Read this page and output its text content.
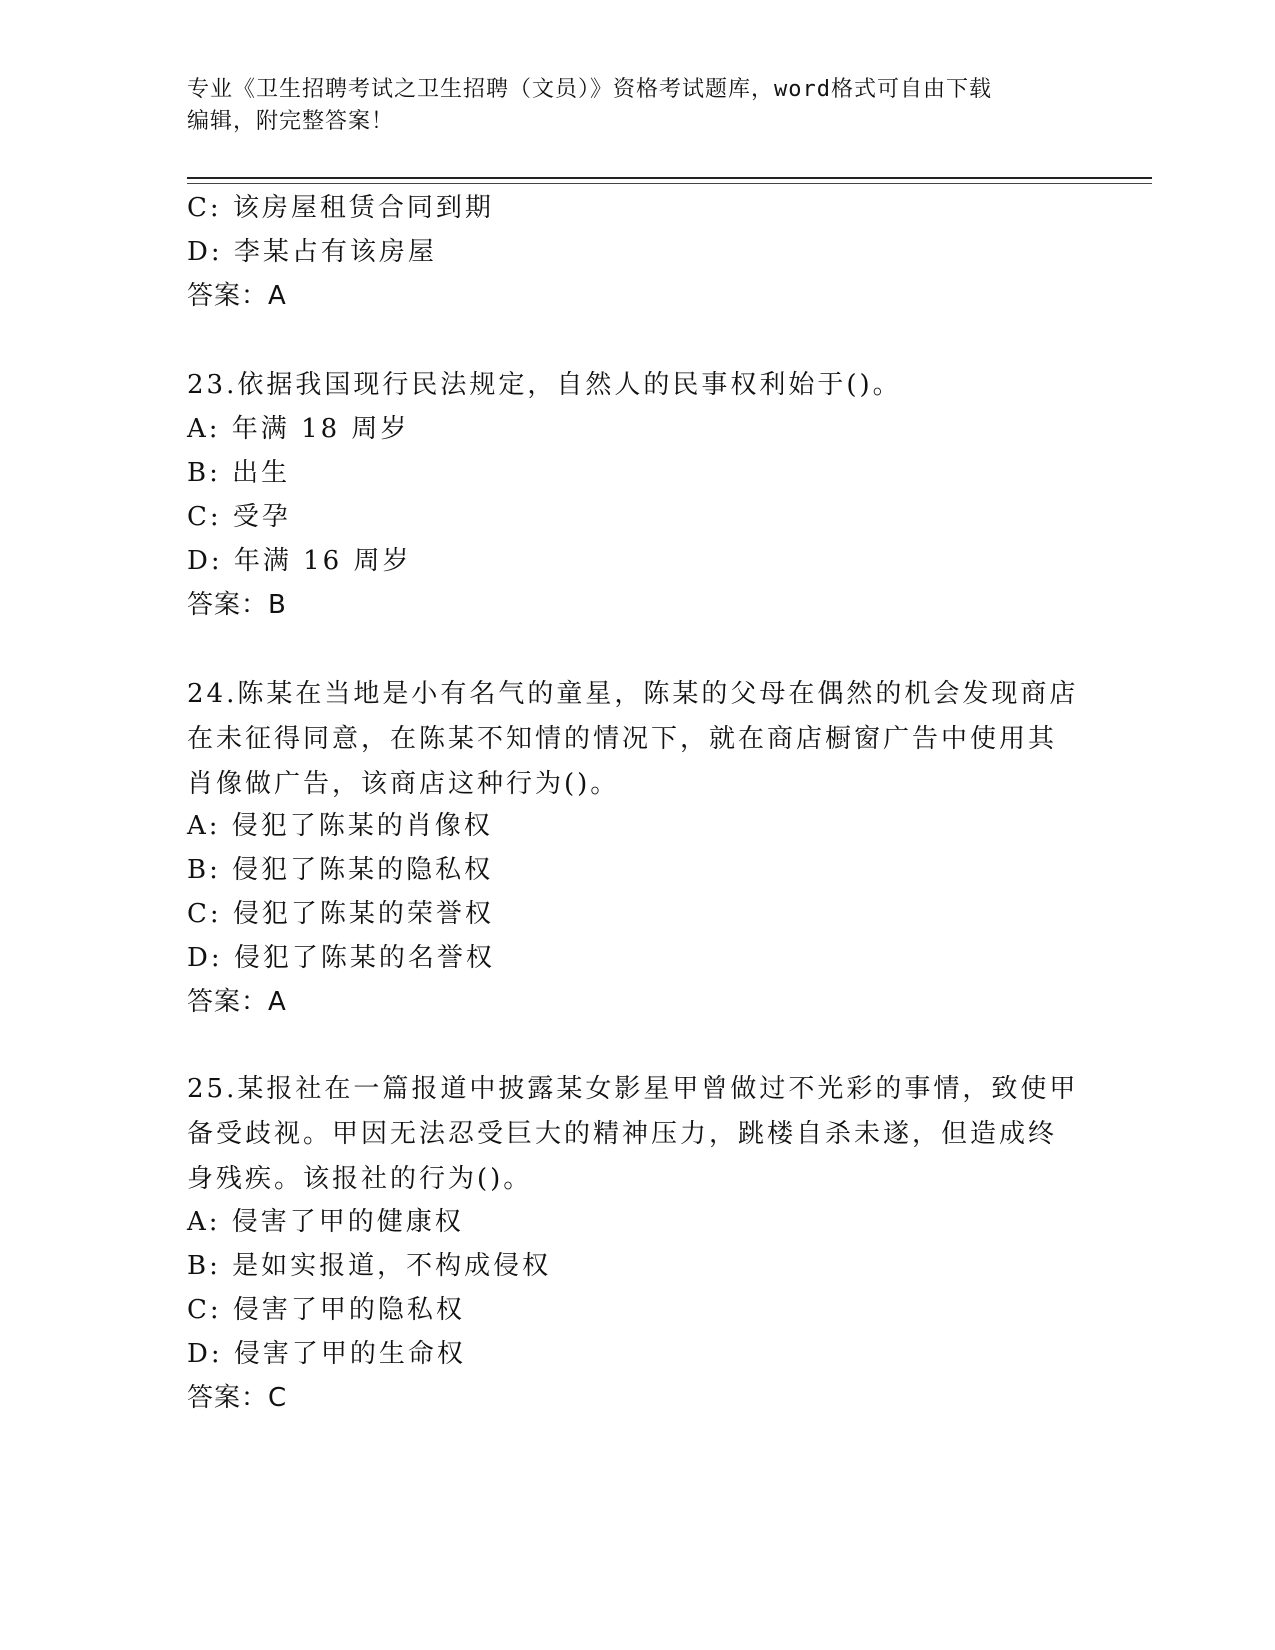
专业《卫生招聘考试之卫生招聘（文员）》资格考试题库，word格式可自由下载
编辑，附完整答案！
C: 该房屋租赁合同到期
D: 李某占有该房屋
答案：A
23.依据我国现行民法规定，自然人的民事权利始于()。
A: 年满 18 周岁
B: 出生
C: 受孕
D: 年满 16 周岁
答案：B
24.陈某在当地是小有名气的童星，陈某的父母在偶然的机会发现商店
在未征得同意，在陈某不知情的情况下，就在商店橱窗广告中使用其
肖像做广告，该商店这种行为()。
A: 侵犯了陈某的肖像权
B: 侵犯了陈某的隐私权
C: 侵犯了陈某的荣誉权
D: 侵犯了陈某的名誉权
答案：A
25.某报社在一篇报道中披露某女影星甲曾做过不光彩的事情，致使甲
备受歧视。甲因无法忍受巨大的精神压力，跳楼自杀未遂，但造成终
身残疾。该报社的行为()。
A: 侵害了甲的健康权
B: 是如实报道，不构成侵权
C: 侵害了甲的隐私权
D: 侵害了甲的生命权
答案：C
